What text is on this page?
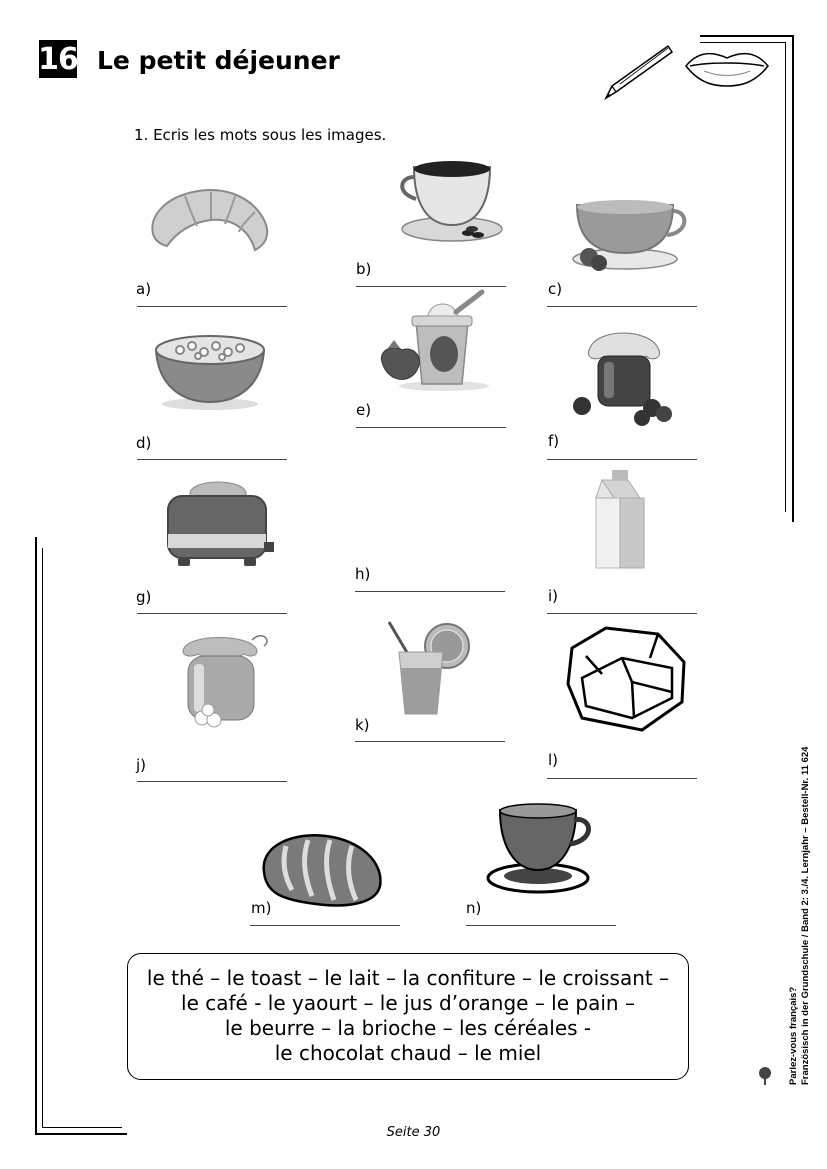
16 Le petit déjeuner
1. Ecris les mots sous les images.
a)
b)
c)
d)
e)
f)
g)
h)
i)
j)
k)
l)
m)	n)
le thé – le toast – le lait – la confiture – le croissant –
le café - le yaourt – le jus d’orange – le pain –
le beurre – la brioche – les céréales -
le chocolat chaud – le miel	Parlez-vous français? Französisch in der Grundschule / Band 2: 3./4. Lernjahr – Bestell-Nr. 11 624
Seite 30
